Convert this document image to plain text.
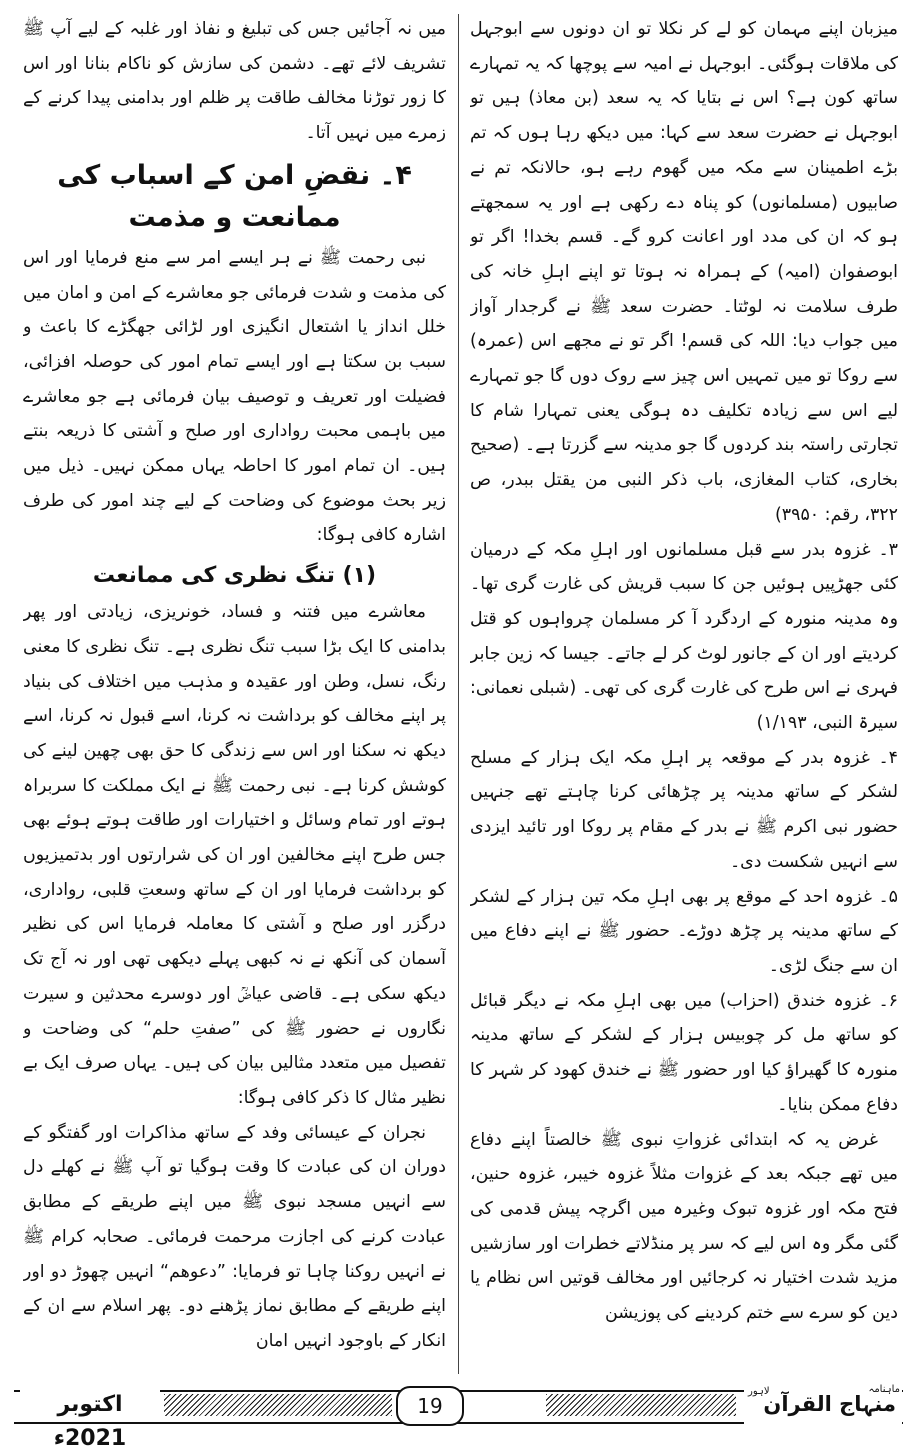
میزبان اپنے مہمان کو لے کر نکلا تو ان دونوں سے ابوجہل کی ملاقات ہوگئی۔ ابوجہل نے امیہ سے پوچھا کہ یہ تمہارے ساتھ کون ہے؟ اس نے بتایا کہ یہ سعد (بن معاذ) ہیں تو ابوجہل نے حضرت سعد سے کہا: میں دیکھ رہا ہوں کہ تم بڑے اطمینان سے مکہ میں گھوم رہے ہو، حالانکہ تم نے صابیوں (مسلمانوں) کو پناہ دے رکھی ہے اور یہ سمجھتے ہو کہ ان کی مدد اور اعانت کرو گے۔ قسم بخدا! اگر تو ابوصفوان (امیہ) کے ہمراہ نہ ہوتا تو اپنے اہلِ خانہ کی طرف سلامت نہ لوٹتا۔ حضرت سعد ﷺ نے گرجدار آواز میں جواب دیا: اللہ کی قسم! اگر تو نے مجھے اس (عمرہ) سے روکا تو میں تمہیں اس چیز سے روک دوں گا جو تمہارے لیے اس سے زیادہ تکلیف دہ ہوگی یعنی تمہارا شام کا تجارتی راستہ بند کردوں گا جو مدینہ سے گزرتا ہے۔ (صحیح بخاری، کتاب المغازی، باب ذکر النبی من یقتل ببدر، ص ۳۲۲، رقم: ۳۹۵۰)

۳۔ غزوہ بدر سے قبل مسلمانوں اور اہلِ مکہ کے درمیان کئی جھڑپیں ہوئیں جن کا سبب قریش کی غارت گری تھا۔ وہ مدینہ منورہ کے اردگرد آ کر مسلمان چرواہوں کو قتل کردیتے اور ان کے جانور لوٹ کر لے جاتے۔ جیسا کہ زین جابر فہری نے اس طرح کی غارت گری کی تھی۔ (شبلی نعمانی: سیرۃ النبی، ۱/۱۹۳)

۴۔ غزوہ بدر کے موقعہ پر اہلِ مکہ ایک ہزار کے مسلح لشکر کے ساتھ مدینہ پر چڑھائی کرنا چاہتے تھے جنہیں حضور نبی اکرم ﷺ نے بدر کے مقام پر روکا اور تائید ایزدی سے انہیں شکست دی۔

۵۔ غزوہ احد کے موقع پر بھی اہلِ مکہ تین ہزار کے لشکر کے ساتھ مدینہ پر چڑھ دوڑے۔ حضور ﷺ نے اپنے دفاع میں ان سے جنگ لڑی۔

۶۔ غزوہ خندق (احزاب) میں بھی اہلِ مکہ نے دیگر قبائل کو ساتھ مل کر چوبیس ہزار کے لشکر کے ساتھ مدینہ منورہ کا گھیراؤ کیا اور حضور ﷺ نے خندق کھود کر شہر کا دفاع ممکن بنایا۔

غرض یہ کہ ابتدائی غزواتِ نبوی ﷺ خالصتاً اپنے دفاع میں تھے جبکہ بعد کے غزوات مثلاً غزوہ خیبر، غزوہ حنین، فتح مکہ اور غزوہ تبوک وغیرہ میں اگرچہ پیش قدمی کی گئی مگر وہ اس لیے کہ سر پر منڈلاتے خطرات اور سازشیں مزید شدت اختیار نہ کرجائیں اور مخالف قوتیں اس نظام یا دین کو سرے سے ختم کردینے کی پوزیشن

میں نہ آجائیں جس کی تبلیغ و نفاذ اور غلبہ کے لیے آپ ﷺ تشریف لائے تھے۔ دشمن کی سازش کو ناکام بنانا اور اس کا زور توڑنا مخالف طاقت پر ظلم اور بدامنی پیدا کرنے کے زمرے میں نہیں آتا۔

۴۔ نقضِ امن کے اسباب کی ممانعت و مذمت

نبی رحمت ﷺ نے ہر ایسے امر سے منع فرمایا اور اس کی مذمت و شدت فرمائی جو معاشرے کے امن و امان میں خلل انداز یا اشتعال انگیزی اور لڑائی جھگڑے کا باعث و سبب بن سکتا ہے اور ایسے تمام امور کی حوصلہ افزائی، فضیلت اور تعریف و توصیف بیان فرمائی ہے جو معاشرے میں باہمی محبت رواداری اور صلح و آشتی کا ذریعہ بنتے ہیں۔ ان تمام امور کا احاطہ یہاں ممکن نہیں۔ ذیل میں زیر بحث موضوع کی وضاحت کے لیے چند امور کی طرف اشارہ کافی ہوگا:

(۱) تنگ نظری کی ممانعت

معاشرے میں فتنہ و فساد، خونریزی، زیادتی اور پھر بدامنی کا ایک بڑا سبب تنگ نظری ہے۔ تنگ نظری کا معنی رنگ، نسل، وطن اور عقیدہ و مذہب میں اختلاف کی بنیاد پر اپنے مخالف کو برداشت نہ کرنا، اسے قبول نہ کرنا، اسے دیکھ نہ سکنا اور اس سے زندگی کا حق بھی چھین لینے کی کوشش کرنا ہے۔ نبی رحمت ﷺ نے ایک مملکت کا سربراہ ہوتے اور تمام وسائل و اختیارات اور طاقت ہوتے ہوئے بھی جس طرح اپنے مخالفین اور ان کی شرارتوں اور بدتمیزیوں کو برداشت فرمایا اور ان کے ساتھ وسعتِ قلبی، رواداری، درگزر اور صلح و آشتی کا معاملہ فرمایا اس کی نظیر آسمان کی آنکھ نے نہ کبھی پہلے دیکھی تھی اور نہ آج تک دیکھ سکی ہے۔ قاضی عیاضؒ اور دوسرے محدثین و سیرت نگاروں نے حضور ﷺ کی ”صفتِ حلم“ کی وضاحت و تفصیل میں متعدد مثالیں بیان کی ہیں۔ یہاں صرف ایک بے نظیر مثال کا ذکر کافی ہوگا:

نجران کے عیسائی وفد کے ساتھ مذاکرات اور گفتگو کے دوران ان کی عبادت کا وقت ہوگیا تو آپ ﷺ نے کھلے دل سے انہیں مسجد نبوی ﷺ میں اپنے طریقے کے مطابق عبادت کرنے کی اجازت مرحمت فرمائی۔ صحابہ کرام ﷺ نے انہیں روکنا چاہا تو فرمایا: ”دعوھم“ انہیں چھوڑ دو اور اپنے طریقے کے مطابق نماز پڑھنے دو۔ پھر اسلام سے ان کے انکار کے باوجود انہیں امان

اکتوبر 2021ء
19
ماہنامہ
منہاج القرآن
لاہور
